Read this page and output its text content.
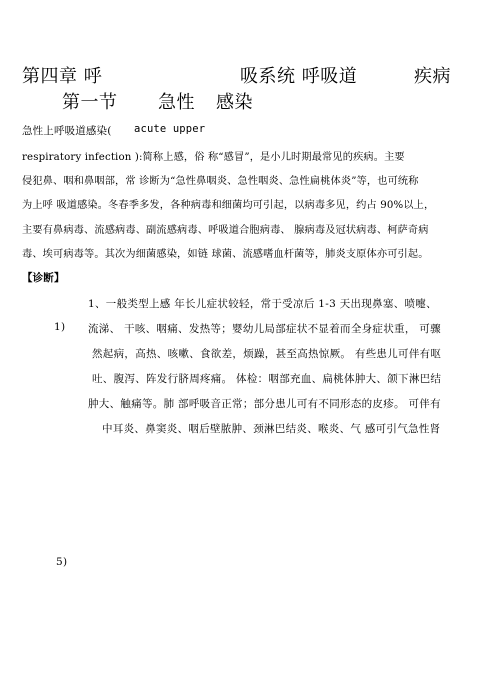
第四章 呼	吸系统 呼吸道	疾病
第一节 急性 感染
急性上呼吸道感染( acute upper
respiratory infection ):简称上感，俗 称“感冒”，是小儿时期最常见的疾病。主要
侵犯鼻、咽和鼻咽部，常 诊断为“急性鼻咽炎、急性咽炎、急性扁桃体炎”等，也可统称
为上呼 吸道感染。冬春季多发，各种病毒和细菌均可引起，以病毒多见，约占 90%以上，
主要有鼻病毒、流感病毒、副流感病毒、呼吸道合胞病毒、 腺病毒及冠状病毒、柯萨奇病
毒、埃可病毒等。其次为细菌感染，如链 球菌、流感嗜血杆菌等，肺炎支原体亦可引起。
【诊断】
1、一般类型上感 年长儿症状较轻，常于受凉后 1-3 天出现鼻塞、喷嚏、
1) 流涕、 干咳、咽痛、发热等；婴幼儿局部症状不显着而全身症状重， 可骤
然起病，高热、咳嗽、食欲差，烦躁，甚至高热惊厥。 有些患儿可伴有呕
吐、腹泻、阵发行脐周疼痛。 体检：咽部充血、扁桃体肿大、颌下淋巴结
肿大、触痛等。肺 部呼吸音正常；部分患儿可有不同形态的皮疹。 可伴有
中耳炎、鼻窦炎、咽后壁脓肿、颈淋巴结炎、喉炎、气 感可引气急性肾
5)
